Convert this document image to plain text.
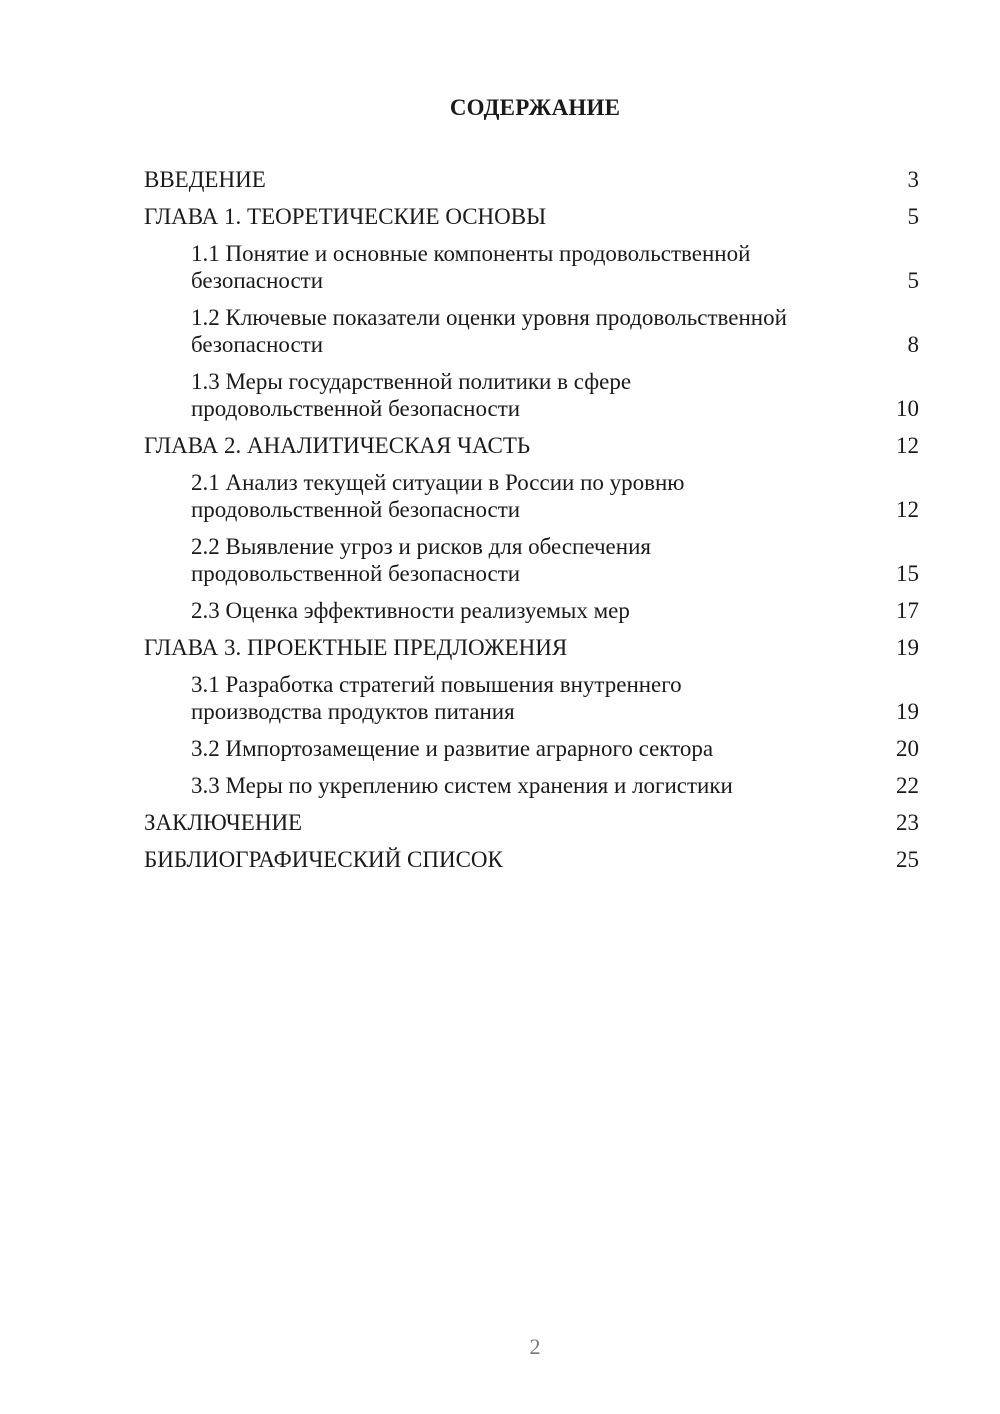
СОДЕРЖАНИЕ
ВВЕДЕНИЕ	3
ГЛАВА 1. ТЕОРЕТИЧЕСКИЕ ОСНОВЫ	5
1.1 Понятие и основные компоненты продовольственной безопасности	5
1.2 Ключевые показатели оценки уровня продовольственной безопасности	8
1.3 Меры государственной политики в сфере продовольственной безопасности	10
ГЛАВА 2. АНАЛИТИЧЕСКАЯ ЧАСТЬ	12
2.1 Анализ текущей ситуации в России по уровню продовольственной безопасности	12
2.2 Выявление угроз и рисков для обеспечения продовольственной безопасности	15
2.3 Оценка эффективности реализуемых мер	17
ГЛАВА 3. ПРОЕКТНЫЕ ПРЕДЛОЖЕНИЯ	19
3.1 Разработка стратегий повышения внутреннего производства продуктов питания	19
3.2 Импортозамещение и развитие аграрного сектора	20
3.3 Меры по укреплению систем хранения и логистики	22
ЗАКЛЮЧЕНИЕ	23
БИБЛИОГРАФИЧЕСКИЙ СПИСОК	25
2
